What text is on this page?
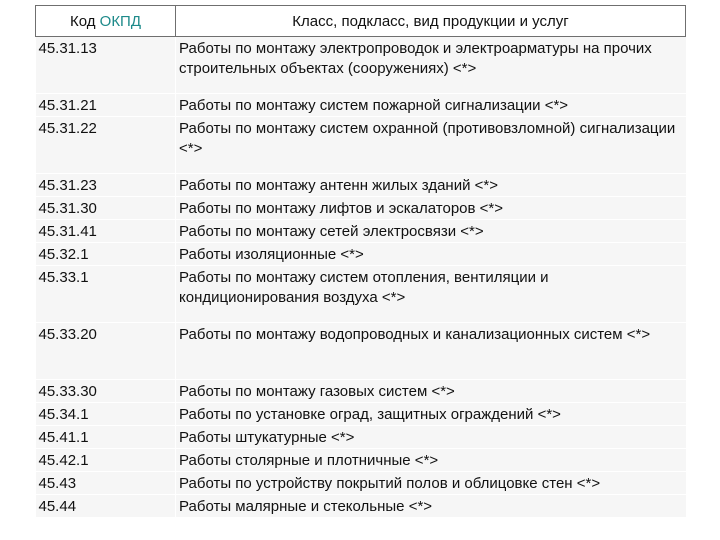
Код ОКПД	Класс, подкласс, вид продукции и услуг
45.31.13	Работы по монтажу электропроводок и электроарматуры на прочих строительных объектах (сооружениях) <*>
45.31.21	Работы по монтажу систем пожарной сигнализации <*>
45.31.22	Работы по монтажу систем охранной (противовзломной) сигнализации <*>
45.31.23	Работы по монтажу антенн жилых зданий <*>
45.31.30	Работы по монтажу лифтов и эскалаторов <*>
45.31.41	Работы по монтажу сетей электросвязи <*>
45.32.1	Работы изоляционные <*>
45.33.1	Работы по монтажу систем отопления, вентиляции и кондиционирования воздуха <*>
45.33.20	Работы по монтажу водопроводных и канализационных систем <*>
45.33.30	Работы по монтажу газовых систем <*>
45.34.1	Работы по установке оград, защитных ограждений <*>
45.41.1	Работы штукатурные <*>
45.42.1	Работы столярные и плотничные <*>
45.43	Работы по устройству покрытий полов и облицовке стен <*>
45.44	Работы малярные и стекольные <*>
